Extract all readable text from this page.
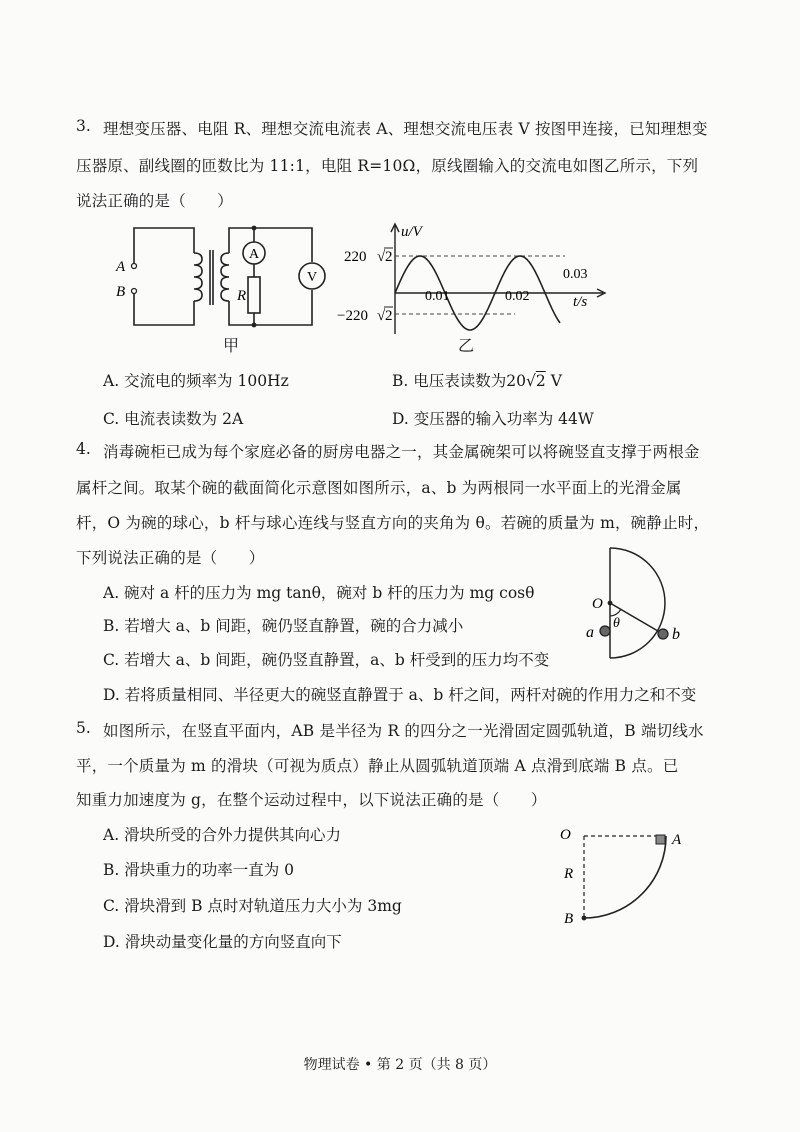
3. 理想变压器、电阻 R、理想交流电流表 A、理想交流电压表 V 按图甲连接，已知理想变
压器原、副线圈的匝数比为 11:1，电阻 R=10Ω，原线圈输入的交流电如图乙所示，下列
说法正确的是（　　）
A
V
A
B	R
甲
u/V
t/s
220 √ 2
−220 √ 2
0.01	0.02
0.03
乙
A. 交流电的频率为 100Hz	B. 电压表读数为20√2 V
C. 电流表读数为 2A	D. 变压器的输入功率为 44W
4. 消毒碗柜已成为每个家庭必备的厨房电器之一，其金属碗架可以将碗竖直支撑于两根金
属杆之间。取某个碗的截面简化示意图如图所示，a、b 为两根同一水平面上的光滑金属
杆，O 为碗的球心，b 杆与球心连线与竖直方向的夹角为 θ。若碗的质量为 m，碗静止时，
下列说法正确的是（　　）
O
a	b
θ
A. 碗对 a 杆的压力为 mg tanθ，碗对 b 杆的压力为 mg cosθ
B. 若增大 a、b 间距，碗仍竖直静置，碗的合力减小
C. 若增大 a、b 间距，碗仍竖直静置，a、b 杆受到的压力均不变
D. 若将质量相同、半径更大的碗竖直静置于 a、b 杆之间，两杆对碗的作用力之和不变
5. 如图所示，在竖直平面内，AB 是半径为 R 的四分之一光滑固定圆弧轨道，B 端切线水
平，一个质量为 m 的滑块（可视为质点）静止从圆弧轨道顶端 A 点滑到底端 B 点。已
知重力加速度为 g，在整个运动过程中，以下说法正确的是（　　）
O	A
R
B
A. 滑块所受的合外力提供其向心力
B. 滑块重力的功率一直为 0
C. 滑块滑到 B 点时对轨道压力大小为 3mg
D. 滑块动量变化量的方向竖直向下
物理试卷 • 第 2 页（共 8 页）
